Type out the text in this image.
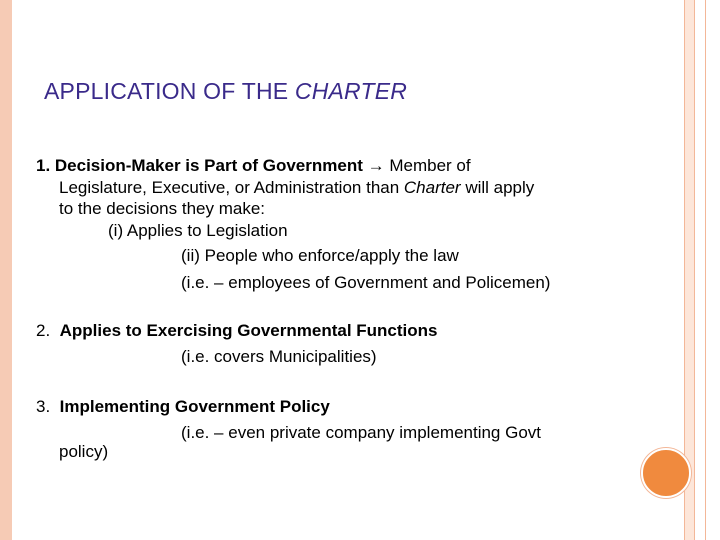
APPLICATION OF THE CHARTER
1. Decision-Maker is Part of Government → Member of
Legislature, Executive, or Administration than Charter will apply
to the decisions they make:
(i) Applies to Legislation
(ii) People who enforce/apply the law
(i.e. – employees of Government and Policemen)
2. Applies to Exercising Governmental Functions
(i.e. covers Municipalities)
3. Implementing Government Policy
(i.e. – even private company implementing Govt
policy)
